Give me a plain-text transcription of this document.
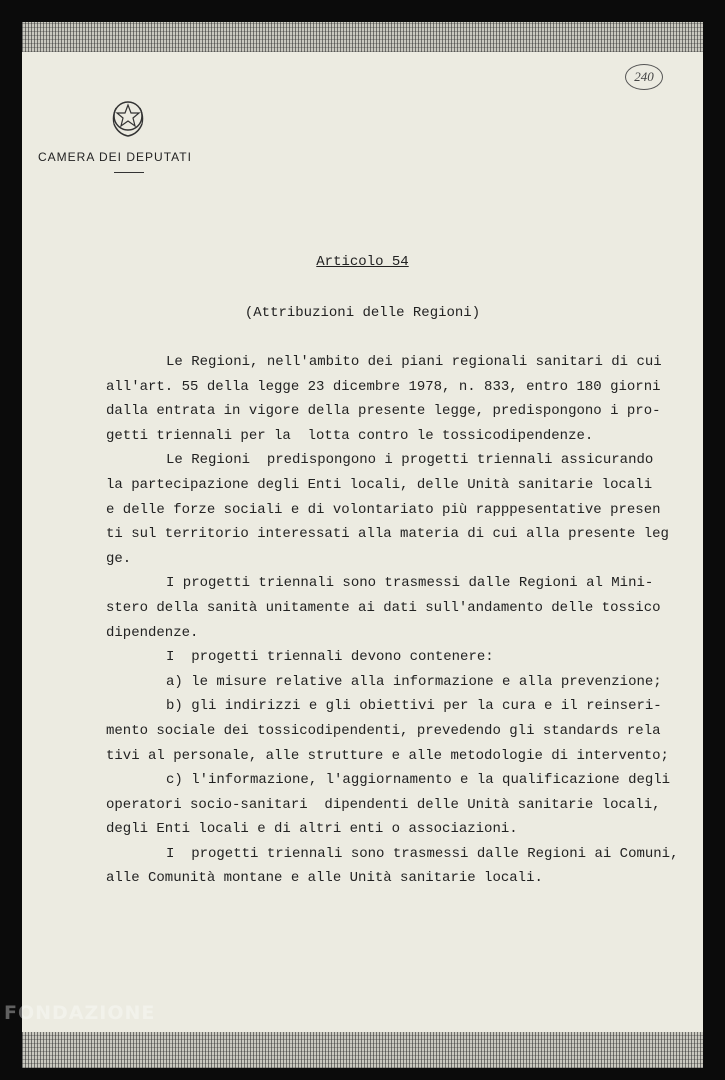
240
CAMERA DEI DEPUTATI
Articolo 54
(Attribuzioni delle Regioni)

Le Regioni, nell'ambito dei piani regionali sanitari di cui

all'art. 55 della legge 23 dicembre 1978, n. 833, entro 180 giorni

dalla entrata in vigore della presente legge, predispongono i pro-

getti triennali per la  lotta contro le tossicodipendenze.

Le Regioni  predispongono i progetti triennali assicurando

la partecipazione degli Enti locali, delle Unità sanitarie locali

e delle forze sociali e di volontariato più rapppesentative presen

ti sul territorio interessati alla materia di cui alla presente leg

ge.

I progetti triennali sono trasmessi dalle Regioni al Mini-

stero della sanità unitamente ai dati sull'andamento delle tossico

dipendenze.

I  progetti triennali devono contenere:

a) le misure relative alla informazione e alla prevenzione;

b) gli indirizzi e gli obiettivi per la cura e il reinseri-

mento sociale dei tossicodipendenti, prevedendo gli standards rela

tivi al personale, alle strutture e alle metodologie di intervento;

c) l'informazione, l'aggiornamento e la qualificazione degli

operatori socio-sanitari  dipendenti delle Unità sanitarie locali,

degli Enti locali e di altri enti o associazioni.

I  progetti triennali sono trasmessi dalle Regioni ai Comuni,

alle Comunità montane e alle Unità sanitarie locali.

FONDAZIONE
